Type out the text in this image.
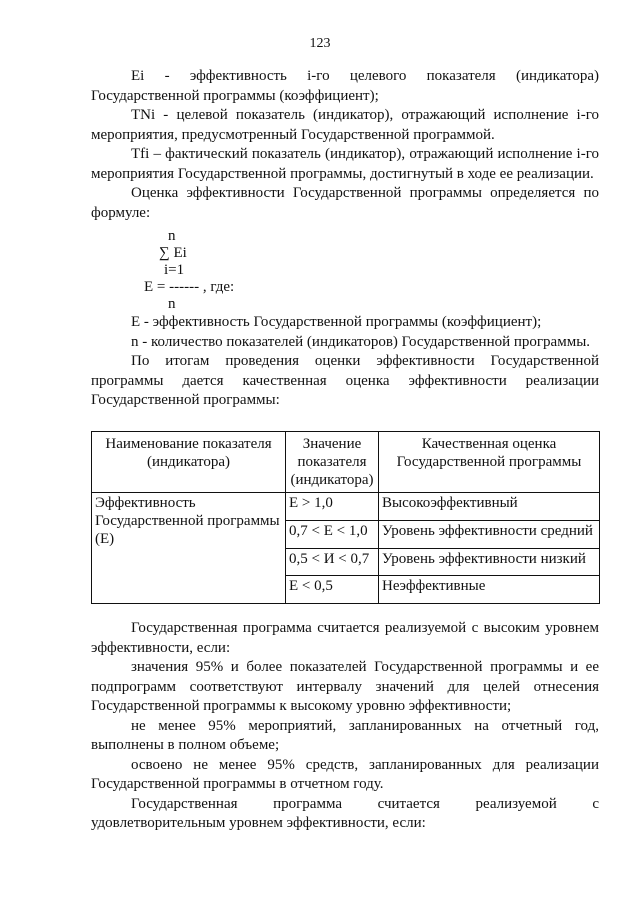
123

Ei - эффективность i-го целевого показателя (индикатора) Государственной программы (коэффициент);

TNi - целевой показатель (индикатор), отражающий исполнение i-го мероприятия, предусмотренный Государственной программой.

Tfi – фактический показатель (индикатор), отражающий исполнение i-го мероприятия Государственной программы, достигнутый в ходе ее реализации.

Оценка эффективности Государственной программы определяется по формуле:

n
∑ Ei
i=1
E = ------ , где:
n

E - эффективность Государственной программы (коэффициент);

n - количество показателей (индикаторов) Государственной программы.

По итогам проведения оценки эффективности Государственной программы дается качественная оценка эффективности реализации Государственной программы:

Наименование показателя (индикатора)	Значение показателя (индикатора)	Качественная оценка Государственной программы
Эффективность Государственной программы (E)	E > 1,0	Высокоэффективный
	0,7 < E < 1,0	Уровень эффективности средний
	0,5 < И < 0,7	Уровень эффективности низкий
	E < 0,5	Неэффективные

Государственная программа считается реализуемой с высоким уровнем эффективности, если:

значения 95% и более показателей Государственной программы и ее подпрограмм соответствуют интервалу значений для целей отнесения Государственной программы к высокому уровню эффективности;

не менее 95% мероприятий, запланированных на отчетный год, выполнены в полном объеме;

освоено не менее 95% средств, запланированных для реализации Государственной программы в отчетном году.

Государственная программа считается реализуемой с удовлетворительным уровнем эффективности, если:
